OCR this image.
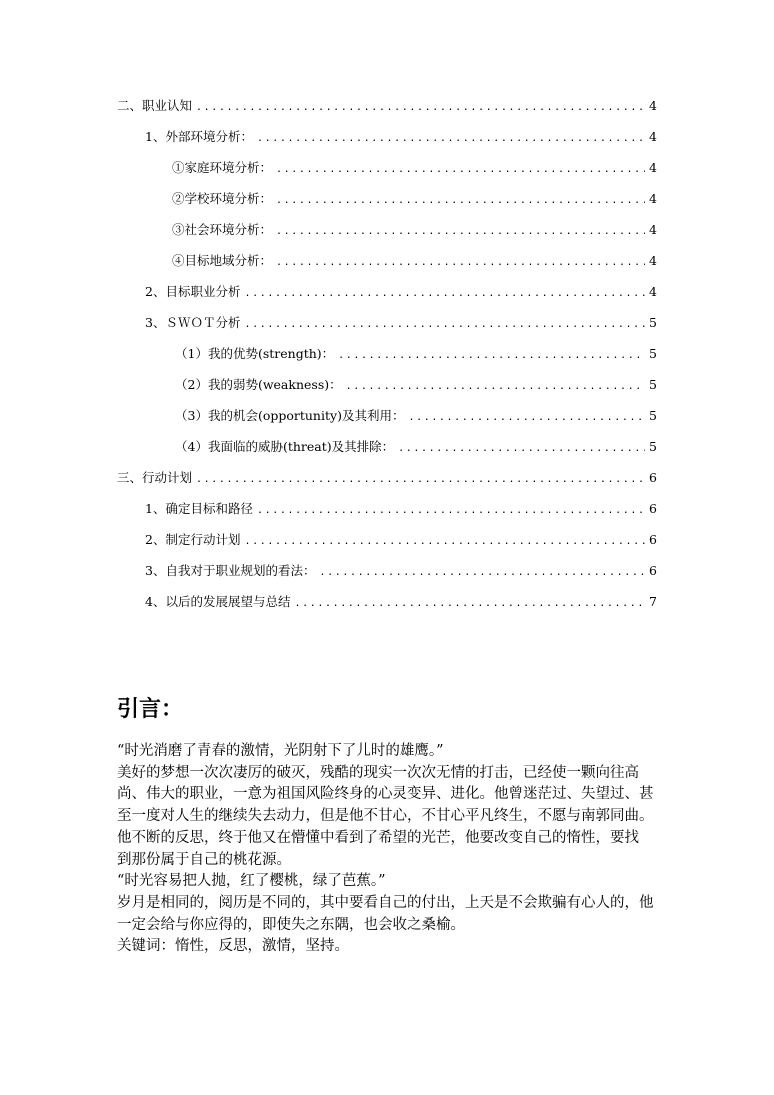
二、职业认知 .....	4
1、外部环境分析： .....	4
①家庭环境分析： .....	4
②学校环境分析： .....	4
③社会环境分析： .....	4
④目标地域分析： .....	4
2、目标职业分析 .....	4
3、ＳＷＯＴ分析 .....	5
（1）我的优势(strength)： .....	5
（2）我的弱势(weakness)： .....	5
（3）我的机会(opportunity)及其利用： .....	5
（4）我面临的威胁(threat)及其排除： .....	5
三、行动计划 .....	6
1、确定目标和路径 .....	6
2、制定行动计划 .....	6
3、自我对于职业规划的看法： .....	6
4、以后的发展展望与总结 .....	7
引言：

“时光消磨了青春的激情，光阴射下了儿时的雄鹰。”

美好的梦想一次次凄厉的破灭，残酷的现实一次次无情的打击，已经使一颗向往高尚、伟大的职业，一意为祖国风险终身的心灵变异、进化。他曾迷茫过、失望过、甚至一度对人生的继续失去动力，但是他不甘心，不甘心平凡终生，不愿与南郭同曲。他不断的反思，终于他又在懵懂中看到了希望的光芒，他要改变自己的惰性，要找

到那份属于自己的桃花源。

“时光容易把人抛，红了樱桃，绿了芭蕉。”

岁月是相同的，阅历是不同的，其中要看自己的付出，上天是不会欺骗有心人的，他一定会给与你应得的，即使失之东隅，也会收之桑榆。

关键词：惰性，反思，激情，坚持。
